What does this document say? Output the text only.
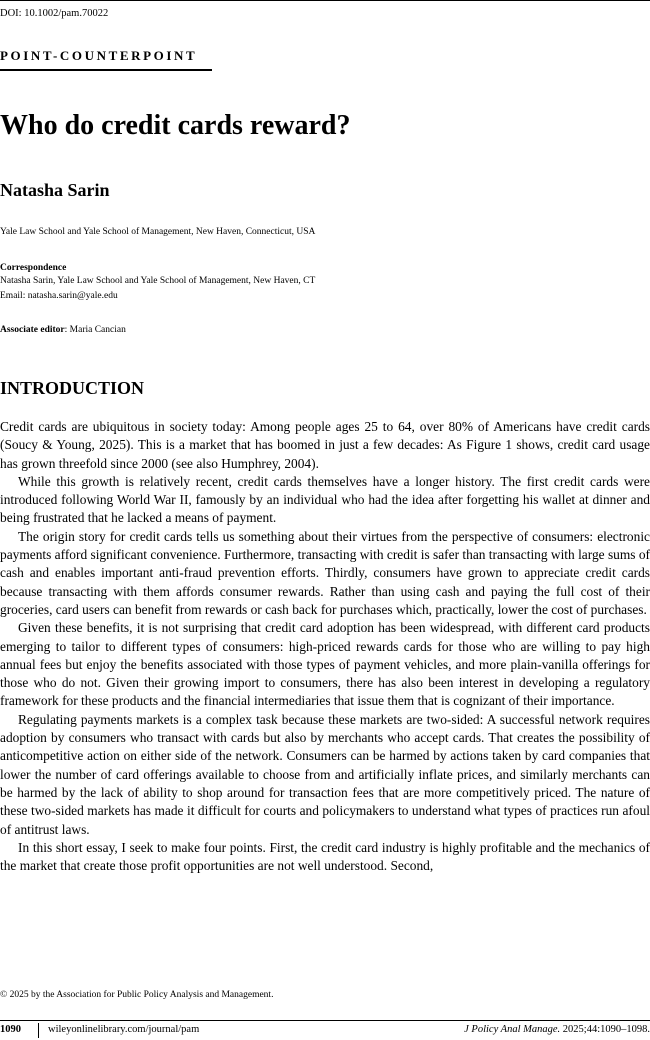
DOI: 10.1002/pam.70022
POINT-COUNTERPOINT
Who do credit cards reward?
Natasha Sarin
Yale Law School and Yale School of Management, New Haven, Connecticut, USA
Correspondence
Natasha Sarin, Yale Law School and Yale School of Management, New Haven, CT
Email: natasha.sarin@yale.edu
Associate editor: Maria Cancian
INTRODUCTION

Credit cards are ubiquitous in society today: Among people ages 25 to 64, over 80% of Americans have credit cards (Soucy & Young, 2025). This is a market that has boomed in just a few decades: As Figure 1 shows, credit card usage has grown threefold since 2000 (see also Humphrey, 2004).

While this growth is relatively recent, credit cards themselves have a longer history. The first credit cards were introduced following World War II, famously by an individual who had the idea after forgetting his wallet at dinner and being frustrated that he lacked a means of payment.

The origin story for credit cards tells us something about their virtues from the perspective of consumers: electronic payments afford significant convenience. Furthermore, transacting with credit is safer than transacting with large sums of cash and enables important anti-fraud prevention efforts. Thirdly, consumers have grown to appreciate credit cards because transacting with them affords consumer rewards. Rather than using cash and paying the full cost of their groceries, card users can benefit from rewards or cash back for purchases which, practically, lower the cost of purchases.

Given these benefits, it is not surprising that credit card adoption has been widespread, with different card products emerging to tailor to different types of consumers: high-priced rewards cards for those who are willing to pay high annual fees but enjoy the benefits associated with those types of payment vehicles, and more plain-vanilla offerings for those who do not. Given their growing import to consumers, there has also been interest in developing a regulatory framework for these products and the financial intermediaries that issue them that is cognizant of their importance.

Regulating payments markets is a complex task because these markets are two-sided: A successful network requires adoption by consumers who transact with cards but also by merchants who accept cards. That creates the possibility of anticompetitive action on either side of the network. Consumers can be harmed by actions taken by card companies that lower the number of card offerings available to choose from and artificially inflate prices, and similarly merchants can be harmed by the lack of ability to shop around for transaction fees that are more competitively priced. The nature of these two-sided markets has made it difficult for courts and policymakers to understand what types of practices run afoul of antitrust laws.

In this short essay, I seek to make four points. First, the credit card industry is highly profitable and the mechanics of the market that create those profit opportunities are not well understood. Second,

© 2025 by the Association for Public Policy Analysis and Management.
1090	wileyonlinelibrary.com/journal/pam	J Policy Anal Manage. 2025;44:1090–1098.
